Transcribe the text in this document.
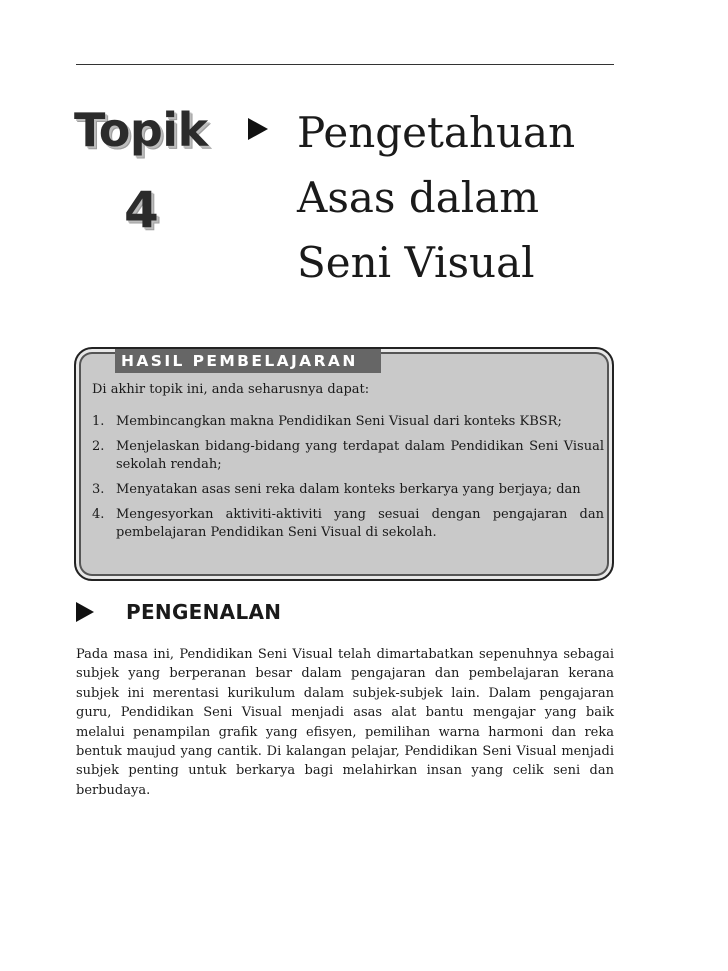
Topik
4
Pengetahuan
Asas dalam
Seni Visual
HASIL PEMBELAJARAN
Di akhir topik ini, anda seharusnya dapat:
1. Membincangkan makna Pendidikan Seni Visual dari konteks KBSR;
2. Menjelaskan bidang-bidang yang terdapat dalam Pendidikan Seni Visual sekolah rendah;
3. Menyatakan asas seni reka dalam konteks berkarya yang berjaya; dan
4. Mengesyorkan aktiviti-aktiviti yang sesuai dengan pengajaran dan pembelajaran Pendidikan Seni Visual di sekolah.
PENGENALAN

Pada masa ini, Pendidikan Seni Visual telah dimartabatkan sepenuhnya sebagai subjek yang berperanan besar dalam pengajaran dan pembelajaran kerana subjek ini merentasi kurikulum dalam subjek-subjek lain. Dalam pengajaran guru, Pendidikan Seni Visual menjadi asas alat bantu mengajar yang baik melalui penampilan grafik yang efisyen, pemilihan warna harmoni dan reka bentuk maujud yang cantik. Di kalangan pelajar, Pendidikan Seni Visual menjadi subjek penting untuk berkarya bagi melahirkan insan yang celik seni dan berbudaya.
